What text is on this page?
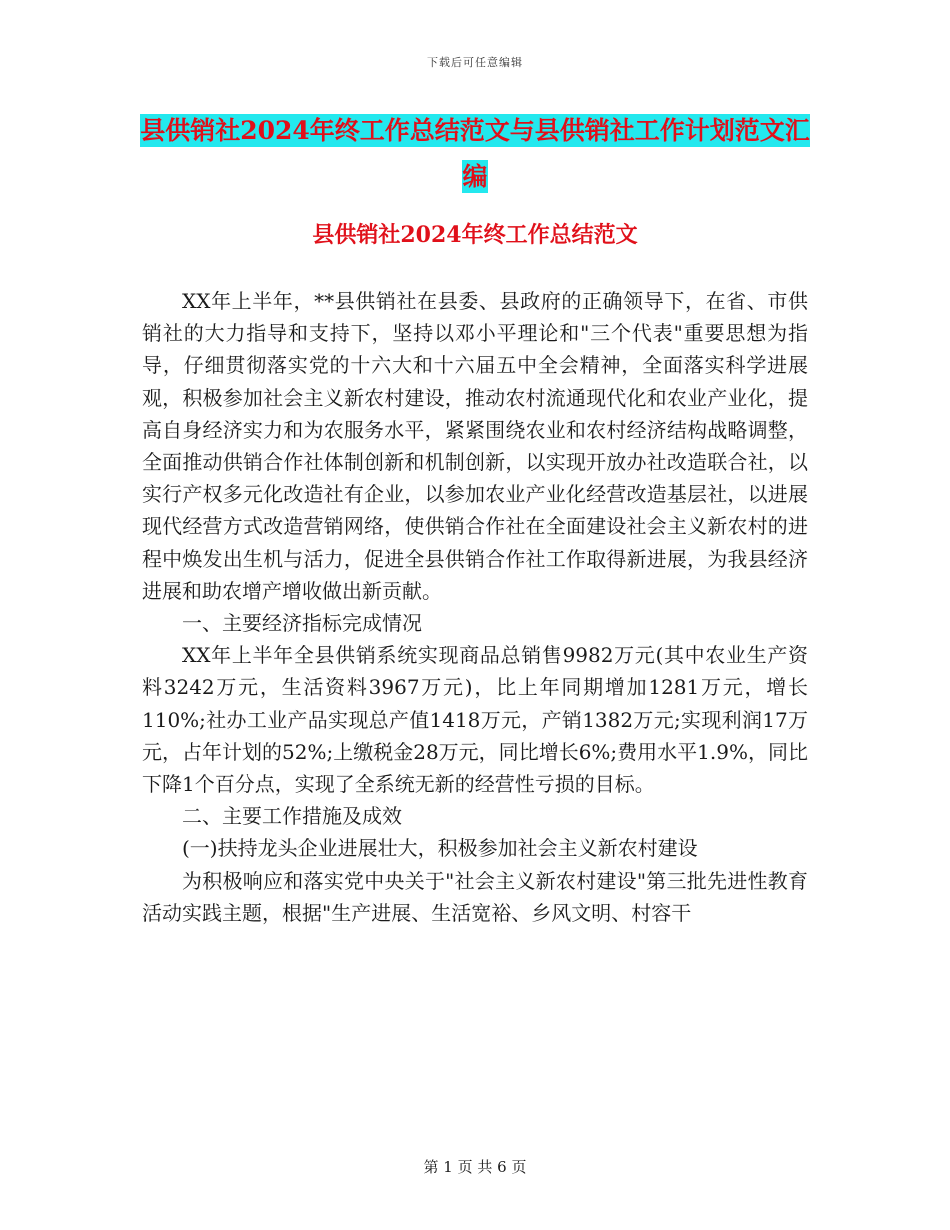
下载后可任意编辑
县供销社2024年终工作总结范文与县供销社工作计划范文汇编
县供销社2024年终工作总结范文

XX年上半年，**县供销社在县委、县政府的正确领导下，在省、市供销社的大力指导和支持下，坚持以邓小平理论和"三个代表"重要思想为指导，仔细贯彻落实党的十六大和十六届五中全会精神，全面落实科学进展观，积极参加社会主义新农村建设，推动农村流通现代化和农业产业化，提高自身经济实力和为农服务水平，紧紧围绕农业和农村经济结构战略调整，全面推动供销合作社体制创新和机制创新，以实现开放办社改造联合社，以实行产权多元化改造社有企业，以参加农业产业化经营改造基层社，以进展现代经营方式改造营销网络，使供销合作社在全面建设社会主义新农村的进程中焕发出生机与活力，促进全县供销合作社工作取得新进展，为我县经济进展和助农增产增收做出新贡献。

一、主要经济指标完成情况

XX年上半年全县供销系统实现商品总销售9982万元(其中农业生产资料3242万元，生活资料3967万元)，比上年同期增加1281万元，增长110%;社办工业产品实现总产值1418万元，产销1382万元;实现利润17万元，占年计划的52%;上缴税金28万元，同比增长6%;费用水平1.9%，同比下降1个百分点，实现了全系统无新的经营性亏损的目标。

二、主要工作措施及成效

(一)扶持龙头企业进展壮大，积极参加社会主义新农村建设

为积极响应和落实党中央关于"社会主义新农村建设"第三批先进性教育活动实践主题，根据"生产进展、生活宽裕、乡风文明、村容干

第 1 页 共 6 页
